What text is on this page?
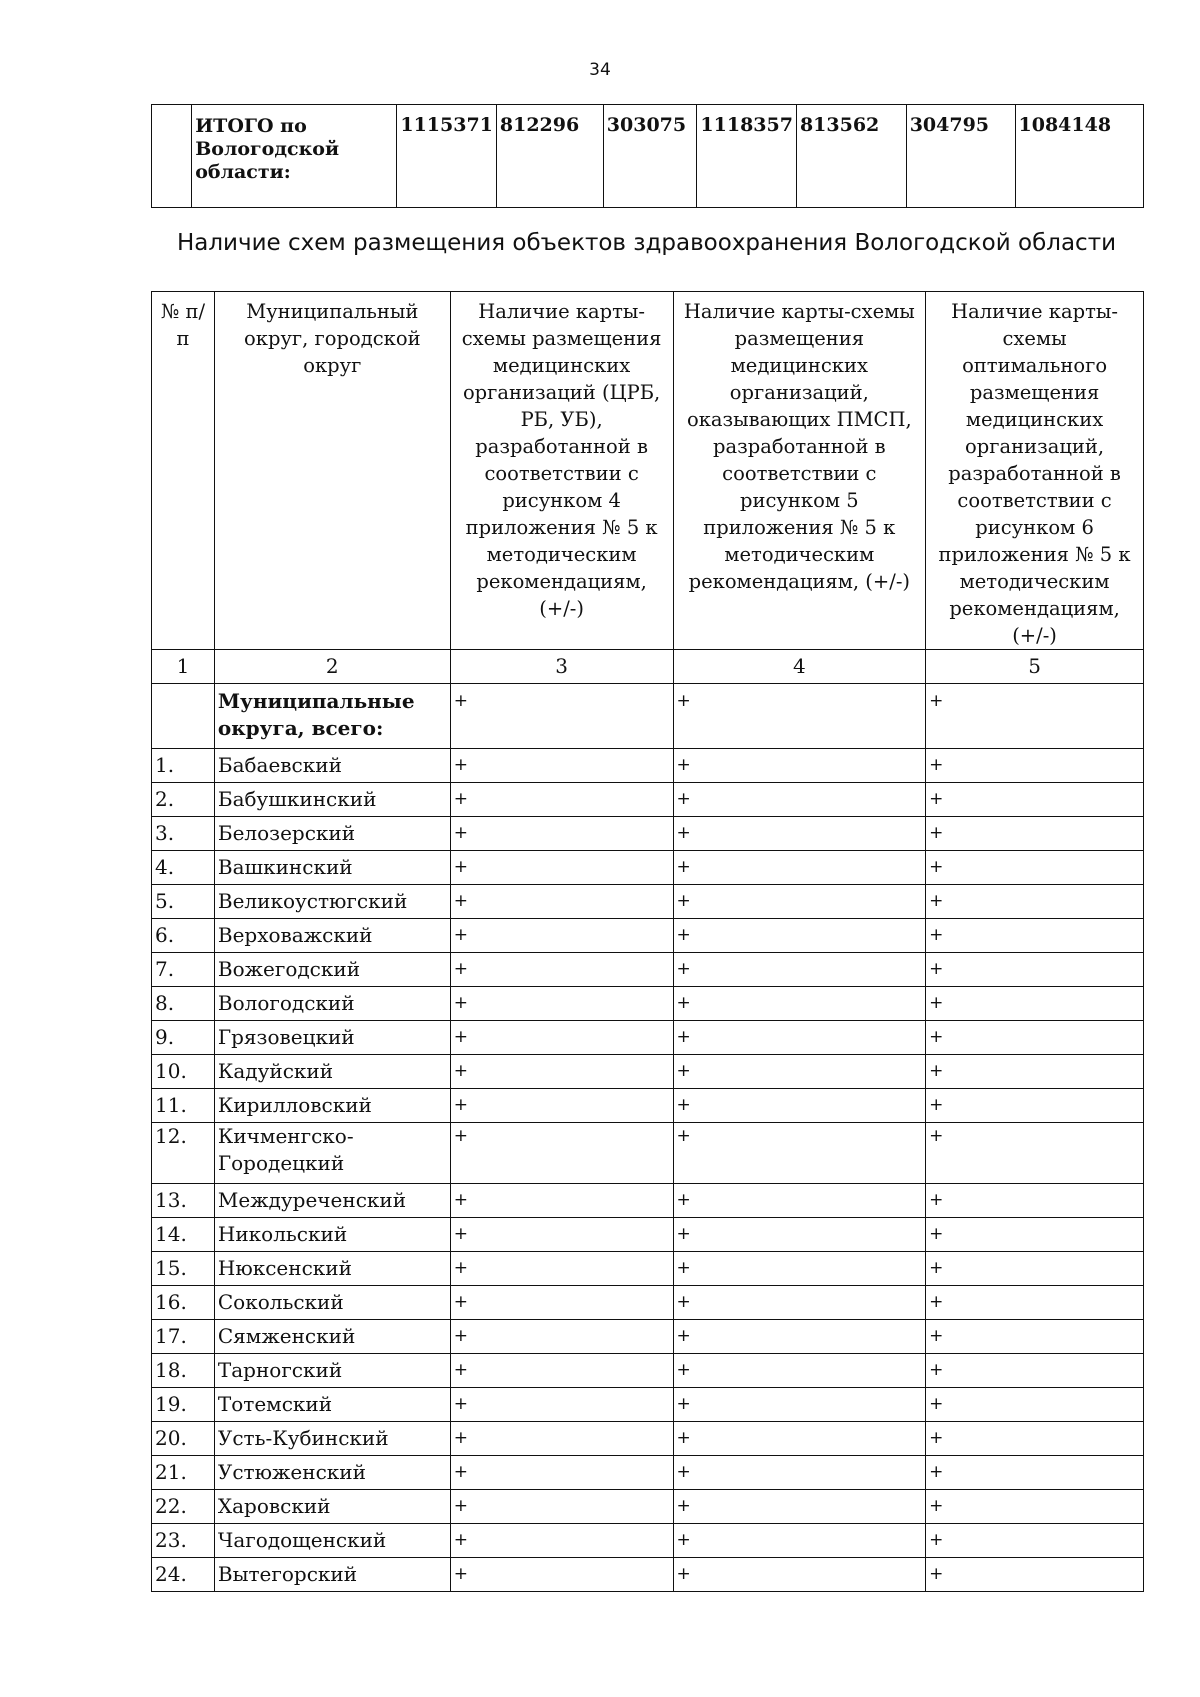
34
	ИТОГО по Вологодской области:	1115371	812296	303075	1118357	813562	304795	1084148
Наличие схем размещения объектов здравоохранения Вологодской области
№ п/п	Муниципальный округ, городской округ	Наличие карты-схемы размещения медицинских организаций (ЦРБ, РБ, УБ), разработанной в соответствии с рисунком 4 приложения № 5 к методическим рекомендациям, (+/-)	Наличие карты-схемы размещения медицинских организаций, оказывающих ПМСП, разработанной в соответствии с рисунком 5 приложения № 5 к методическим рекомендациям, (+/-)	Наличие карты-схемы оптимального размещения медицинских организаций, разработанной в соответствии с рисунком 6 приложения № 5 к методическим рекомендациям, (+/-)
1	2	3	4	5
	Муниципальные округа, всего:	+	+	+
1.	Бабаевский	+	+	+
2.	Бабушкинский	+	+	+
3.	Белозерский	+	+	+
4.	Вашкинский	+	+	+
5.	Великоустюгский	+	+	+
6.	Верховажский	+	+	+
7.	Вожегодский	+	+	+
8.	Вологодский	+	+	+
9.	Грязовецкий	+	+	+
10.	Кадуйский	+	+	+
11.	Кирилловский	+	+	+
12.	Кичменгско-Городецкий	+	+	+
13.	Междуреченский	+	+	+
14.	Никольский	+	+	+
15.	Нюксенский	+	+	+
16.	Сокольский	+	+	+
17.	Сямженский	+	+	+
18.	Тарногский	+	+	+
19.	Тотемский	+	+	+
20.	Усть-Кубинский	+	+	+
21.	Устюженский	+	+	+
22.	Харовский	+	+	+
23.	Чагодощенский	+	+	+
24.	Вытегорский	+	+	+
